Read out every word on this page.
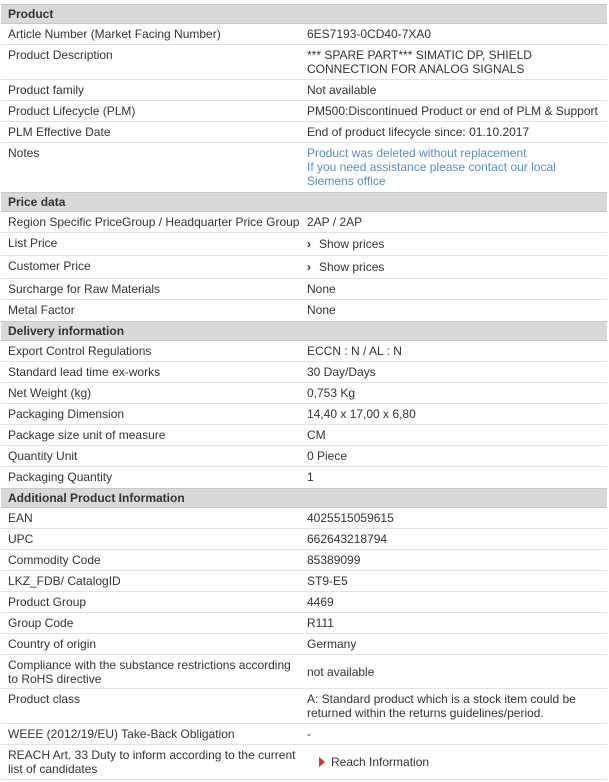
Product
Article Number (Market Facing Number)	6ES7193-0CD40-7XA0
Product Description	*** SPARE PART*** SIMATIC DP, SHIELD
CONNECTION FOR ANALOG SIGNALS
Product family	Not available
Product Lifecycle (PLM)	PM500:Discontinued Product or end of PLM & Support
PLM Effective Date	End of product lifecycle since: 01.10.2017
Notes	Product was deleted without replacement
If you need assistance please contact our local
Siemens office
Price data
Region Specific PriceGroup / Headquarter Price Group 2AP / 2AP
List Price	› Show prices
Customer Price	› Show prices
Surcharge for Raw Materials	None
Metal Factor	None
Delivery information
Export Control Regulations	ECCN : N / AL : N
Standard lead time ex-works	30 Day/Days
Net Weight (kg)	0,753 Kg
Packaging Dimension	14,40 x 17,00 x 6,80
Package size unit of measure	CM
Quantity Unit	0 Piece
Packaging Quantity	1
Additional Product Information
EAN	4025515059615
UPC	662643218794
Commodity Code	85389099
LKZ_FDB/ CatalogID	ST9-E5
Product Group	4469
Group Code	R111
Country of origin	Germany
Compliance with the substance restrictions according
to RoHS directive	not available
Product class	A: Standard product which is a stock item could be
returned within the returns guidelines/period.
WEEE (2012/19/EU) Take-Back Obligation	-
REACH Art. 33 Duty to inform according to the current
list of candidates	Reach Information
